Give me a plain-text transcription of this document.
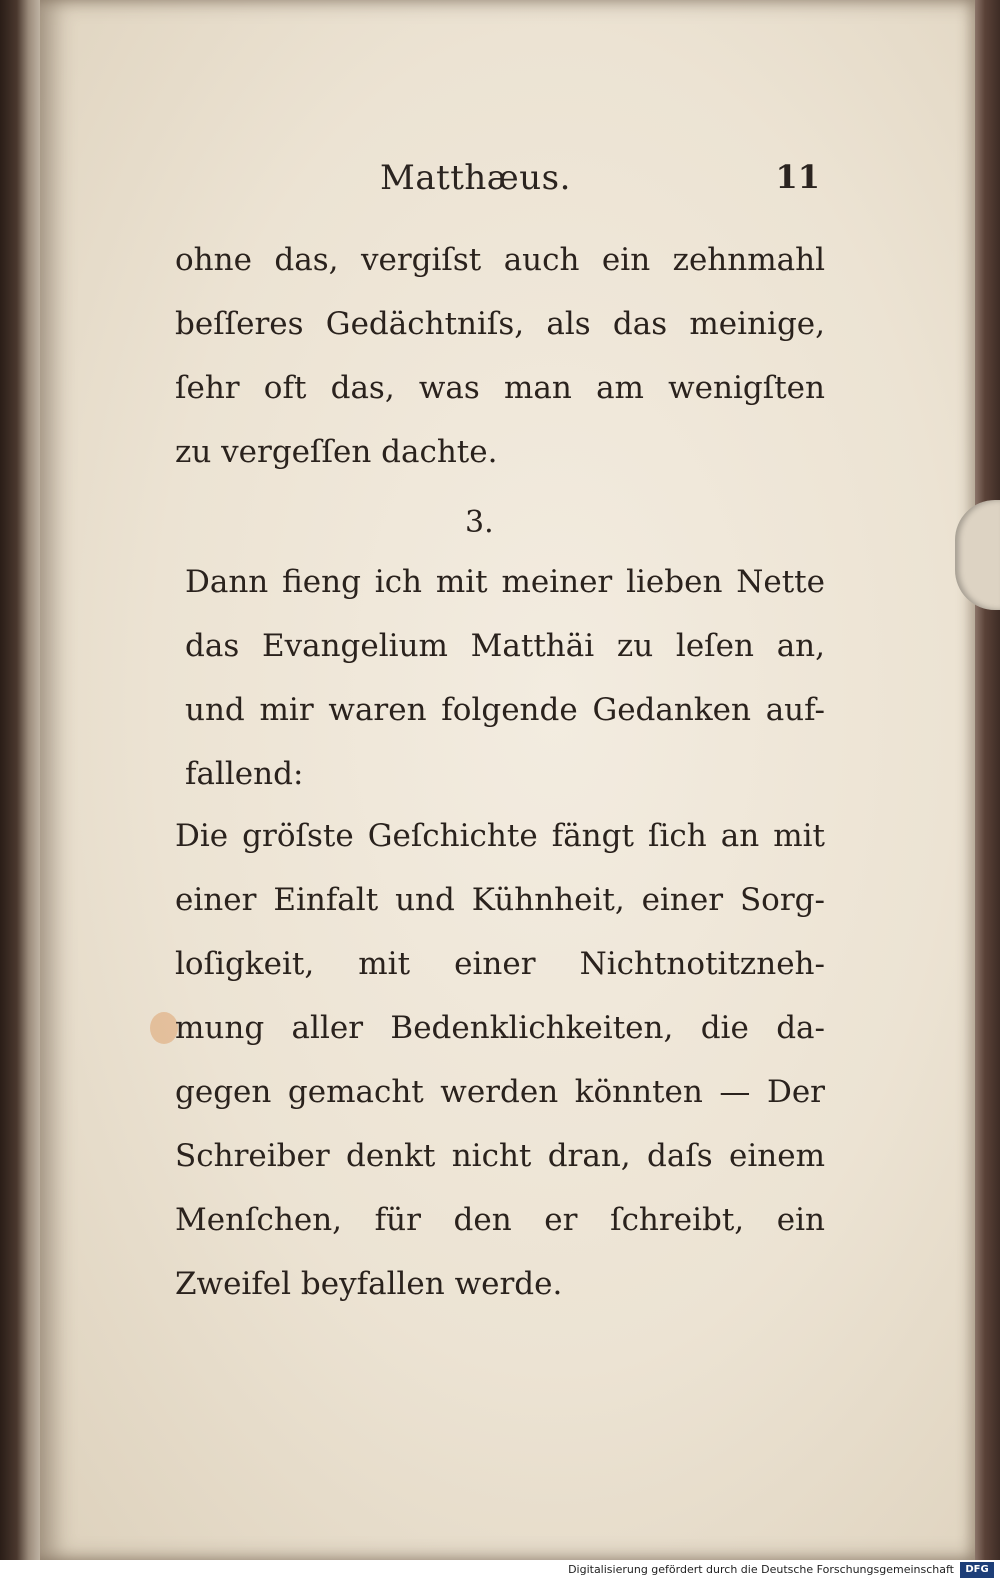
Matthæus.	11
ohne das, vergiſst auch ein zehnmahl
beſſeres Gedächtniſs, als das meinige,
ſehr oft das, was man am wenigſten
zu vergeſſen dachte.
3.
Dann fieng ich mit meiner lieben Nette
das Evangelium Matthäi zu leſen an,
und mir waren folgende Gedanken auf-
fallend:
Die gröſste Geſchichte fängt ſich an mit
einer Einfalt und Kühnheit, einer Sorg-
loſigkeit, mit einer Nichtnotitzneh-
mung aller Bedenklichkeiten, die da-
gegen gemacht werden könnten — Der
Schreiber denkt nicht dran, daſs einem
Menſchen, für den er ſchreibt, ein
Zweifel beyfallen werde.
Digitalisierung gefördert durch die Deutsche Forschungsgemeinschaft	DFG
